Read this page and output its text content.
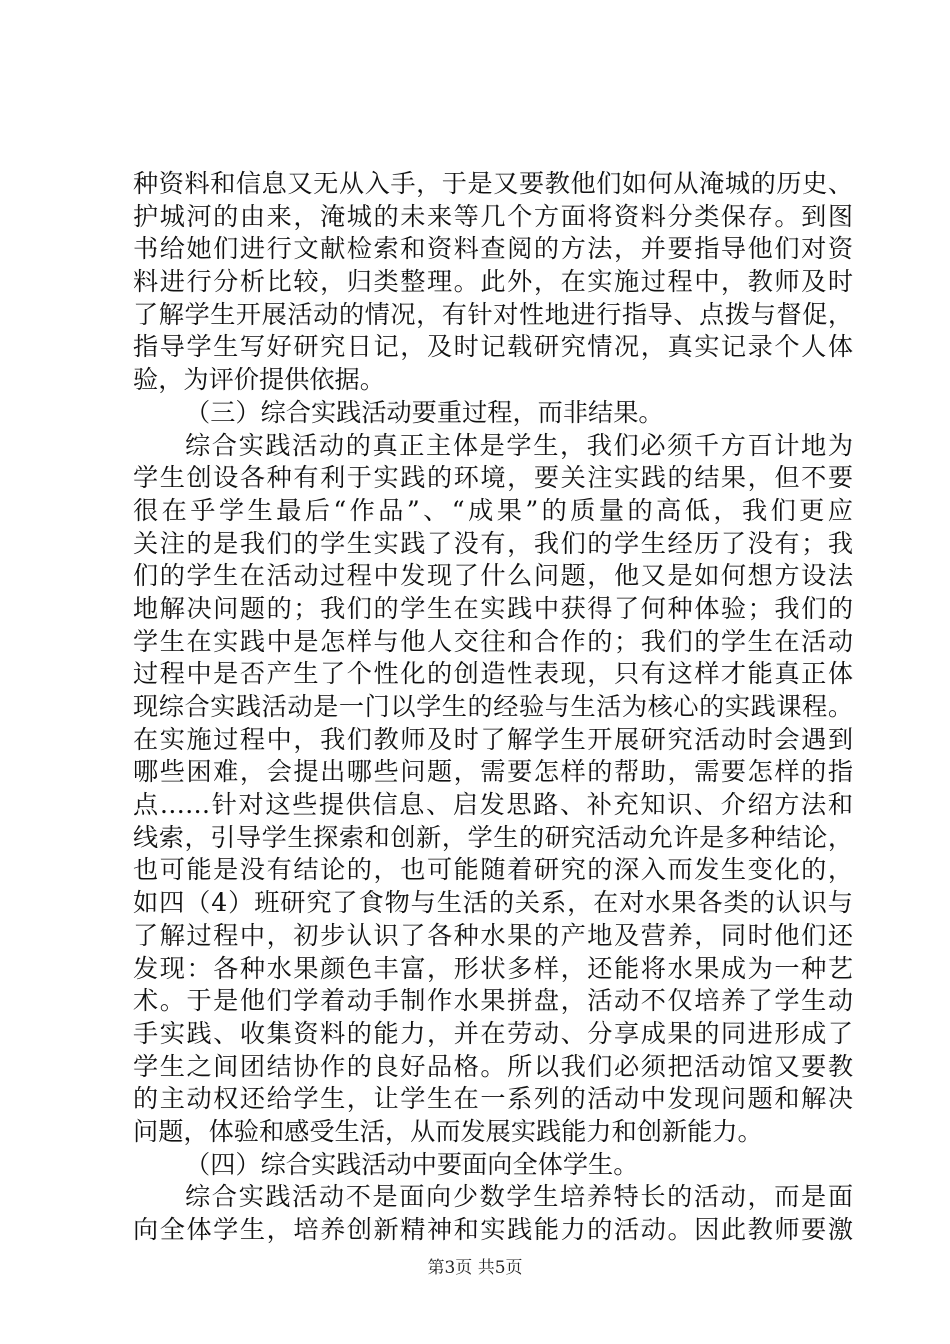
种资料和信息又无从入手，于是又要教他们如何从淹城的历史、
护城河的由来，淹城的未来等几个方面将资料分类保存。到图
书给她们进行文献检索和资料查阅的方法，并要指导他们对资
料进行分析比较，归类整理。此外，在实施过程中，教师及时
了解学生开展活动的情况，有针对性地进行指导、点拨与督促，
指导学生写好研究日记，及时记载研究情况，真实记录个人体
验，为评价提供依据。
（三）综合实践活动要重过程，而非结果。
综合实践活动的真正主体是学生，我们必须千方百计地为
学生创设各种有利于实践的环境，要关注实践的结果，但不要
很在乎学生最后“作品”、“成果”的质量的高低，我们更应
关注的是我们的学生实践了没有，我们的学生经历了没有；我
们的学生在活动过程中发现了什么问题，他又是如何想方设法
地解决问题的；我们的学生在实践中获得了何种体验；我们的
学生在实践中是怎样与他人交往和合作的；我们的学生在活动
过程中是否产生了个性化的创造性表现，只有这样才能真正体
现综合实践活动是一门以学生的经验与生活为核心的实践课程。
在实施过程中，我们教师及时了解学生开展研究活动时会遇到
哪些困难，会提出哪些问题，需要怎样的帮助，需要怎样的指
点……针对这些提供信息、启发思路、补充知识、介绍方法和
线索，引导学生探索和创新，学生的研究活动允许是多种结论，
也可能是没有结论的，也可能随着研究的深入而发生变化的，
如四（4）班研究了食物与生活的关系，在对水果各类的认识与
了解过程中，初步认识了各种水果的产地及营养，同时他们还
发现：各种水果颜色丰富，形状多样，还能将水果成为一种艺
术。于是他们学着动手制作水果拼盘，活动不仅培养了学生动
手实践、收集资料的能力，并在劳动、分享成果的同进形成了
学生之间团结协作的良好品格。所以我们必须把活动馆又要教
的主动权还给学生，让学生在一系列的活动中发现问题和解决
问题，体验和感受生活，从而发展实践能力和创新能力。
（四）综合实践活动中要面向全体学生。
综合实践活动不是面向少数学生培养特长的活动，而是面
向全体学生，培养创新精神和实践能力的活动。因此教师要激
第3页 共5页
